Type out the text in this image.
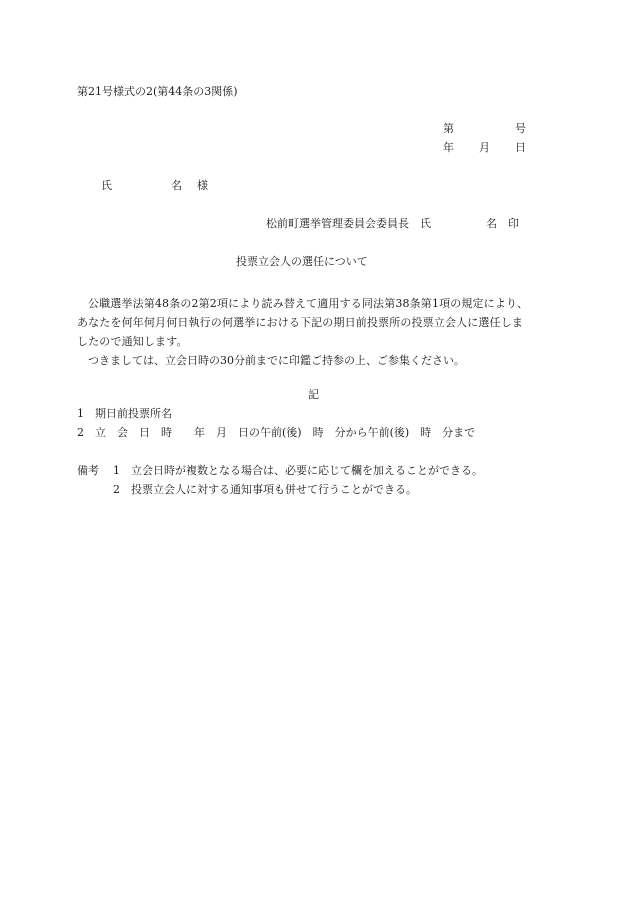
第21号様式の2(第44条の3関係)
第	号
年 月 日
氏	名 様
松前町選挙管理委員会委員長　氏　　　　　名　印
投票立会人の選任について

公職選挙法第48条の2第2項により読み替えて適用する同法第38条第1項の規定により、あなたを何年何月何日執行の何選挙における下記の期日前投票所の投票立会人に選任しましたので通知します。

つきましては、立会日時の30分前までに印鑑ご持参の上、ご参集ください。

記
1　期日前投票所名
2　立　会　日　時　　年　月　日の午前(後)　時　分から午前(後)　時　分まで
備考 1　立会日時が複数となる場合は、必要に応じて欄を加えることができる。
2　投票立会人に対する通知事項も併せて行うことができる。
